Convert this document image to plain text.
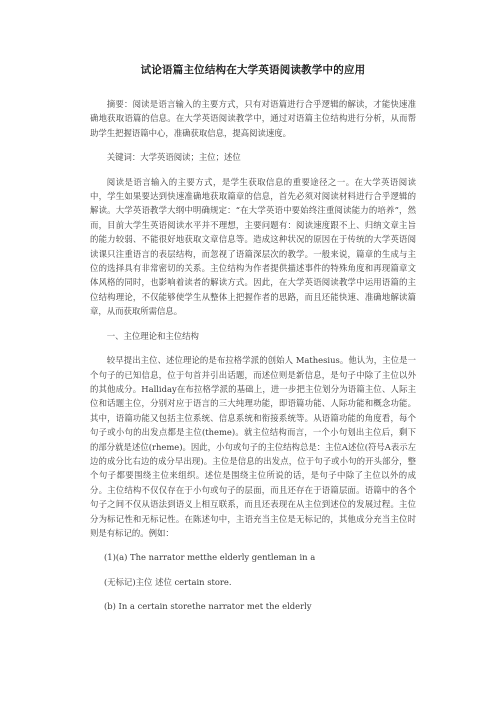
试论语篇主位结构在大学英语阅读教学中的应用

摘要：阅读是语言输入的主要方式，只有对语篇进行合乎逻辑的解读，才能快速准确地获取语篇的信息。在大学英语阅读教学中，通过对语篇主位结构进行分析，从而帮助学生把握语篇中心，准确获取信息，提高阅读速度。

关键词：大学英语阅读；主位；述位

阅读是语言输入的主要方式，是学生获取信息的重要途径之一。在大学英语阅读中，学生如果要达到快速准确地获取篇章的信息，首先必须对阅读材料进行合乎逻辑的解读。大学英语教学大纲中明确规定：“在大学英语中要始终注重阅读能力的培养”，然而，目前大学生英语阅读水平并不理想，主要问题有：阅读速度跟不上、归纳文章主旨的能力较弱、不能很好地获取文章信息等。造成这种状况的原因在于传统的大学英语阅读课只注重语言的表层结构，而忽视了语篇深层次的教学。一般来说，篇章的生成与主位的选择具有非常密切的关系。主位结构为作者提供描述事件的特殊角度和再现篇章文体风格的同时，也影响着读者的解读方式。因此，在大学英语阅读教学中运用语篇的主位结构理论，不仅能够使学生从整体上把握作者的思路，而且还能快速、准确地解读篇章，从而获取所需信息。

一、主位理论和主位结构

较早提出主位、述位理论的是布拉格学派的创始人 Mathesius。他认为，主位是一个句子的已知信息，位于句首并引出话题，而述位则是新信息，是句子中除了主位以外的其他成分。Halliday在布拉格学派的基础上，进一步把主位划分为语篇主位、人际主位和话题主位，分别对应于语言的三大纯理功能，即语篇功能、人际功能和概念功能。其中，语篇功能又包括主位系统、信息系统和衔接系统等。从语篇功能的角度看，每个句子或小句的出发点都是主位(theme)。就主位结构而言，一个小句划出主位后，剩下的部分就是述位(rheme)。因此，小句或句子的主位结构总是：主位A述位(符号A表示左边的成分比右边的成分早出现)。主位是信息的出发点，位于句子或小句的开头部分，整个句子都要围绕主位来组织。述位是围绕主位所说的话，是句子中除了主位以外的成分。主位结构不仅仅存在于小句或句子的层面，而且还存在于语篇层面。语篇中的各个句子之间不仅从语法到语义上相互联系，而且还表现在从主位到述位的发展过程。主位分为标记性和无标记性。在陈述句中，主语充当主位是无标记的，其他成分充当主位时则是有标记的。例如：

(1)(a) The narrator metthe elderly gentleman in a
(无标记)主位 述位 certain store.
(b) In a certain storethe narrator met the elderly
